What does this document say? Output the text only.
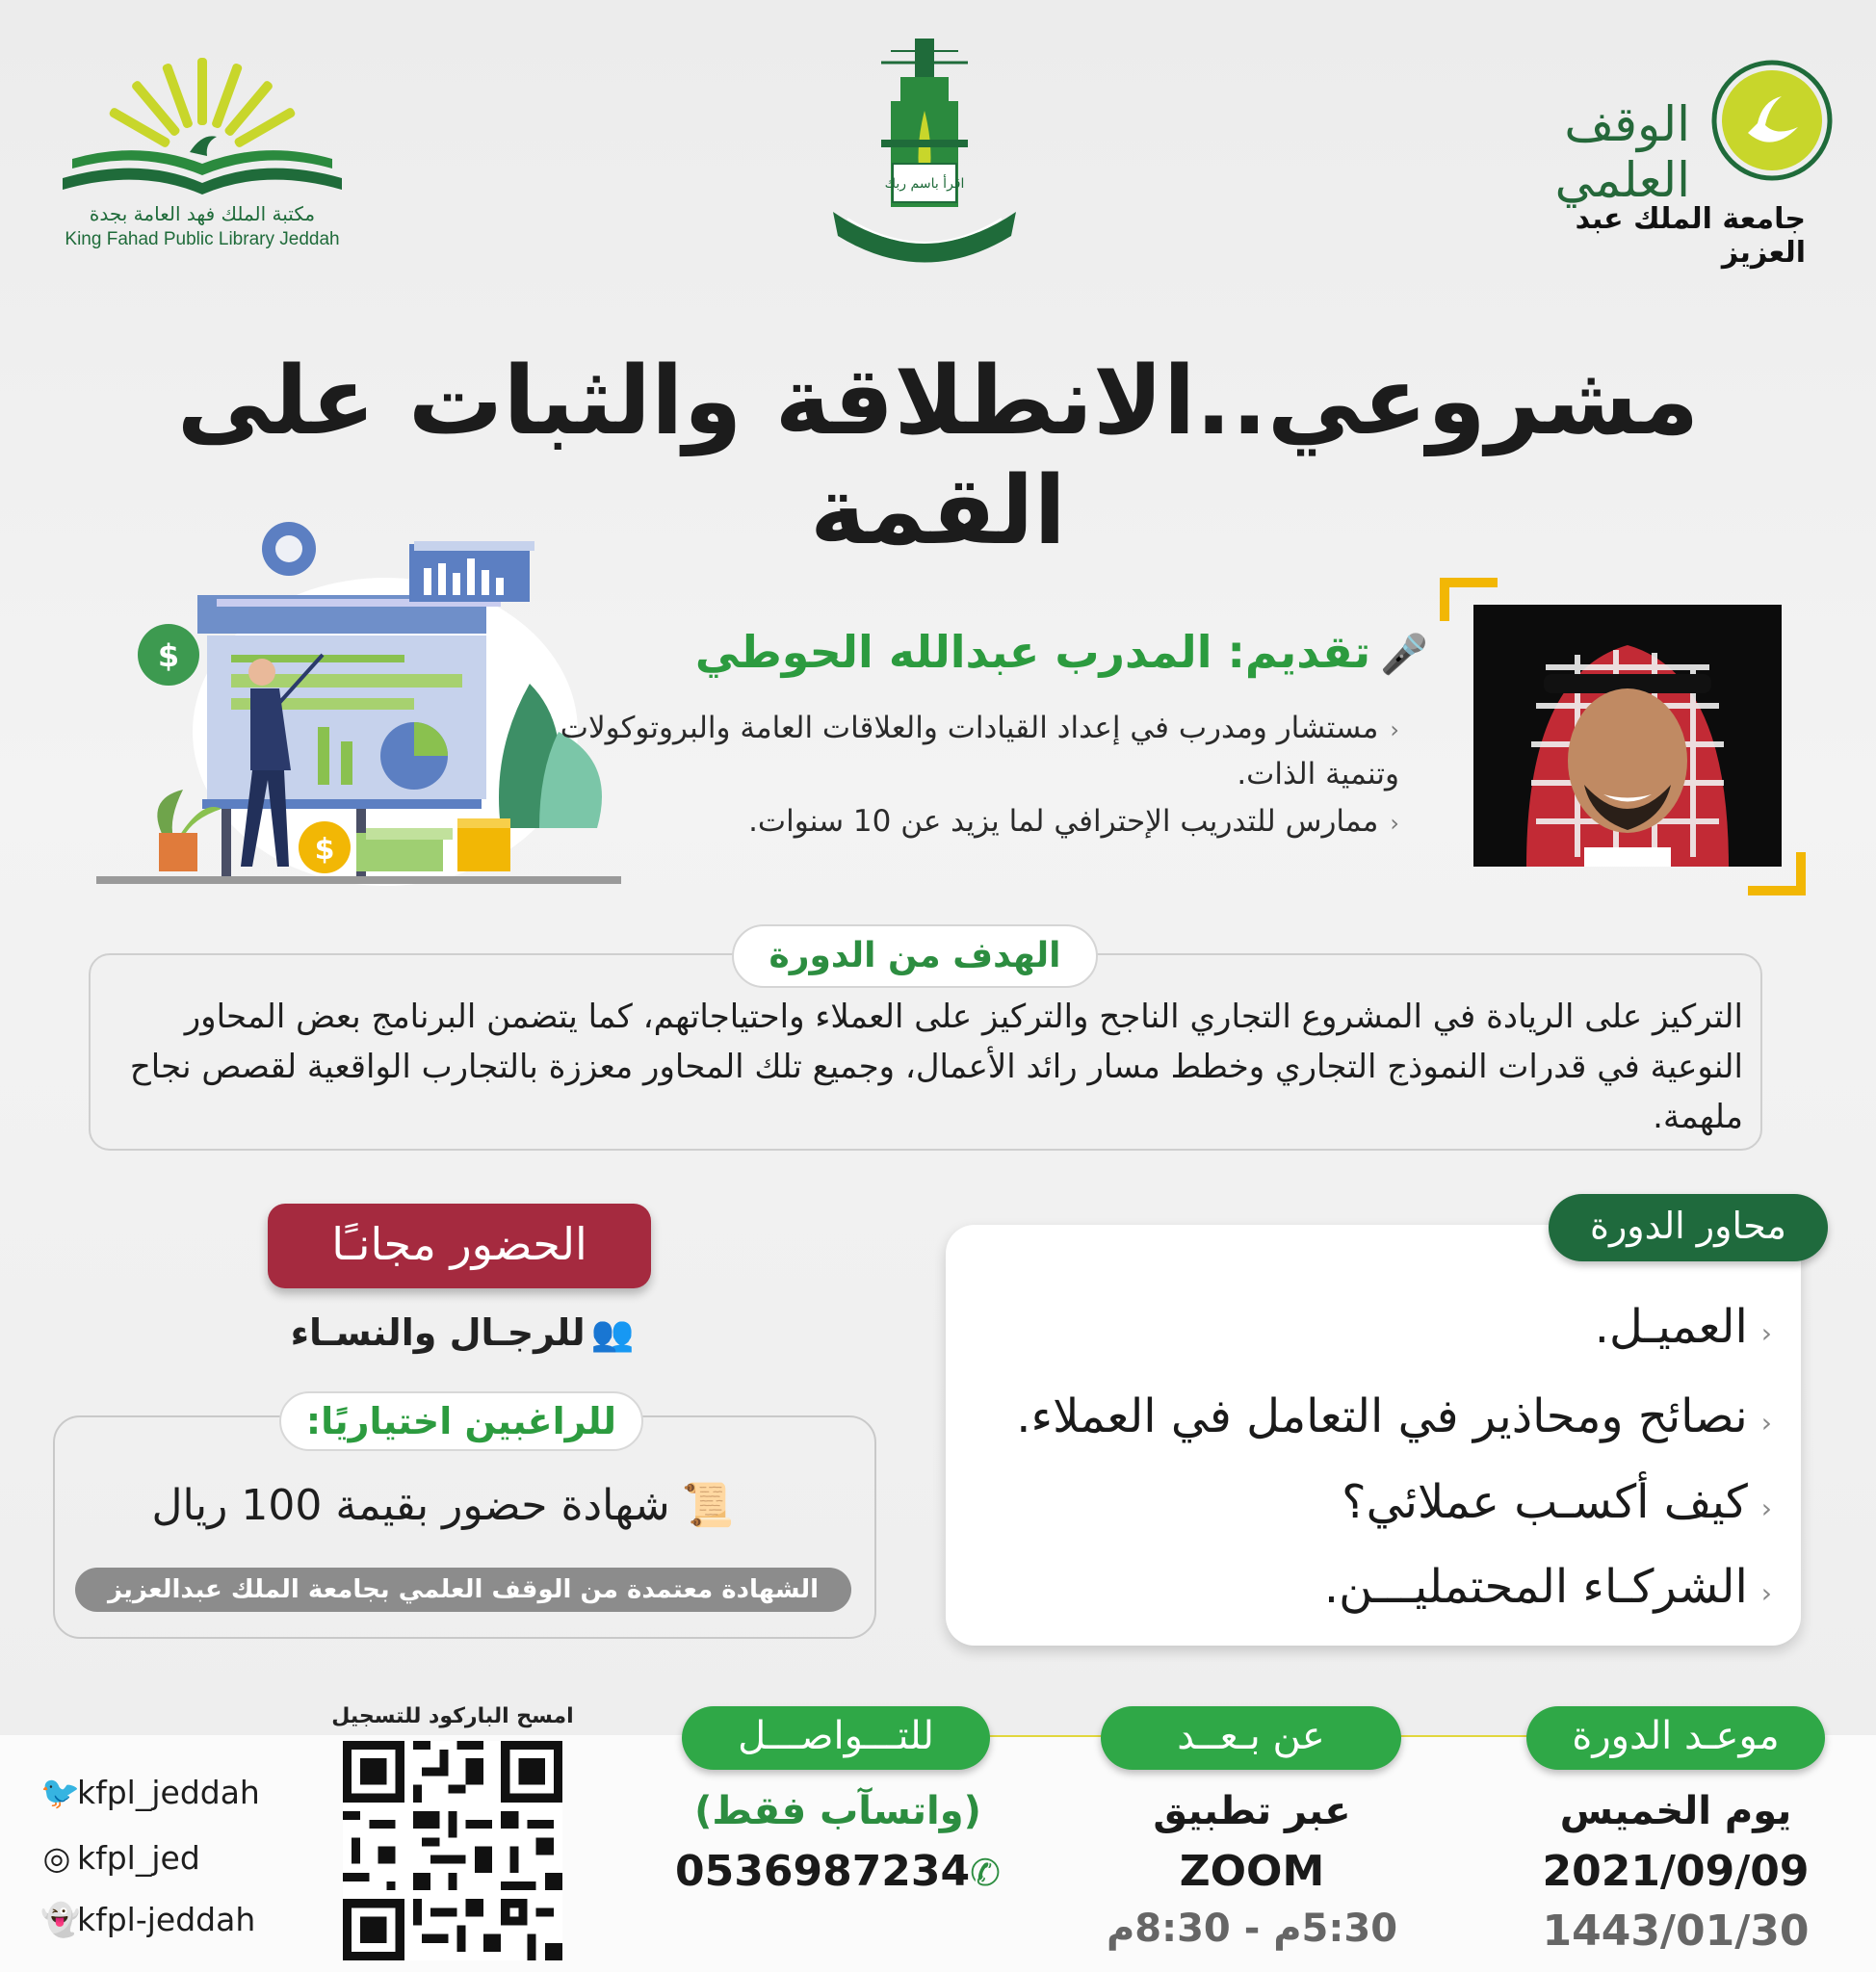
مكتبة الملك فهد العامة بجدة
King Fahad Public Library Jeddah
اقرأ باسم ربك
الوقف العلمي
جامعة الملك عبد العزيز
مشروعي..الانطلاقة والثبات على القمة
$
$
🎤تقديم: المدرب عبدالله الحوطي
‹مستشار ومدرب في إعداد القيادات والعلاقات العامة والبروتوكولات وتنمية الذات.
‹ممارس للتدريب الإحترافي لما يزيد عن 10 سنوات.
الهدف من الدورة
التركيز على الريادة في المشروع التجاري الناجح والتركيز على العملاء واحتياجاتهم، كما يتضمن البرنامج بعض المحاور النوعية في قدرات النموذج التجاري وخطط مسار رائد الأعمال، وجميع تلك المحاور معززة بالتجارب الواقعية لقصص نجاح ملهمة.
محاور الدورة
‹العميـل.
‹نصائح ومحاذير في التعامل في العملاء.
‹كيف أكسـب عملائي؟
‹الشركـاء المحتمليـــن.
الحضور مجانـًا
👥للرجـال والنسـاء
للراغبين اختياريًا:
📜شهادة حضور بقيمة 100 ريال
الشهادة معتمدة من الوقف العلمي بجامعة الملك عبدالعزيز
موعـد الدورة
عن بـعــد
للتـــواصـــل
يوم الخميس
2021/09/09
1443/01/30
عبر تطبيق
ZOOM
5:30م - 8:30م
(واتسآب فقط)
0536987234✆
امسح الباركود للتسجيل
🐦kfpl_jeddah
◎ kfpl_jed
👻kfpl-jeddah
